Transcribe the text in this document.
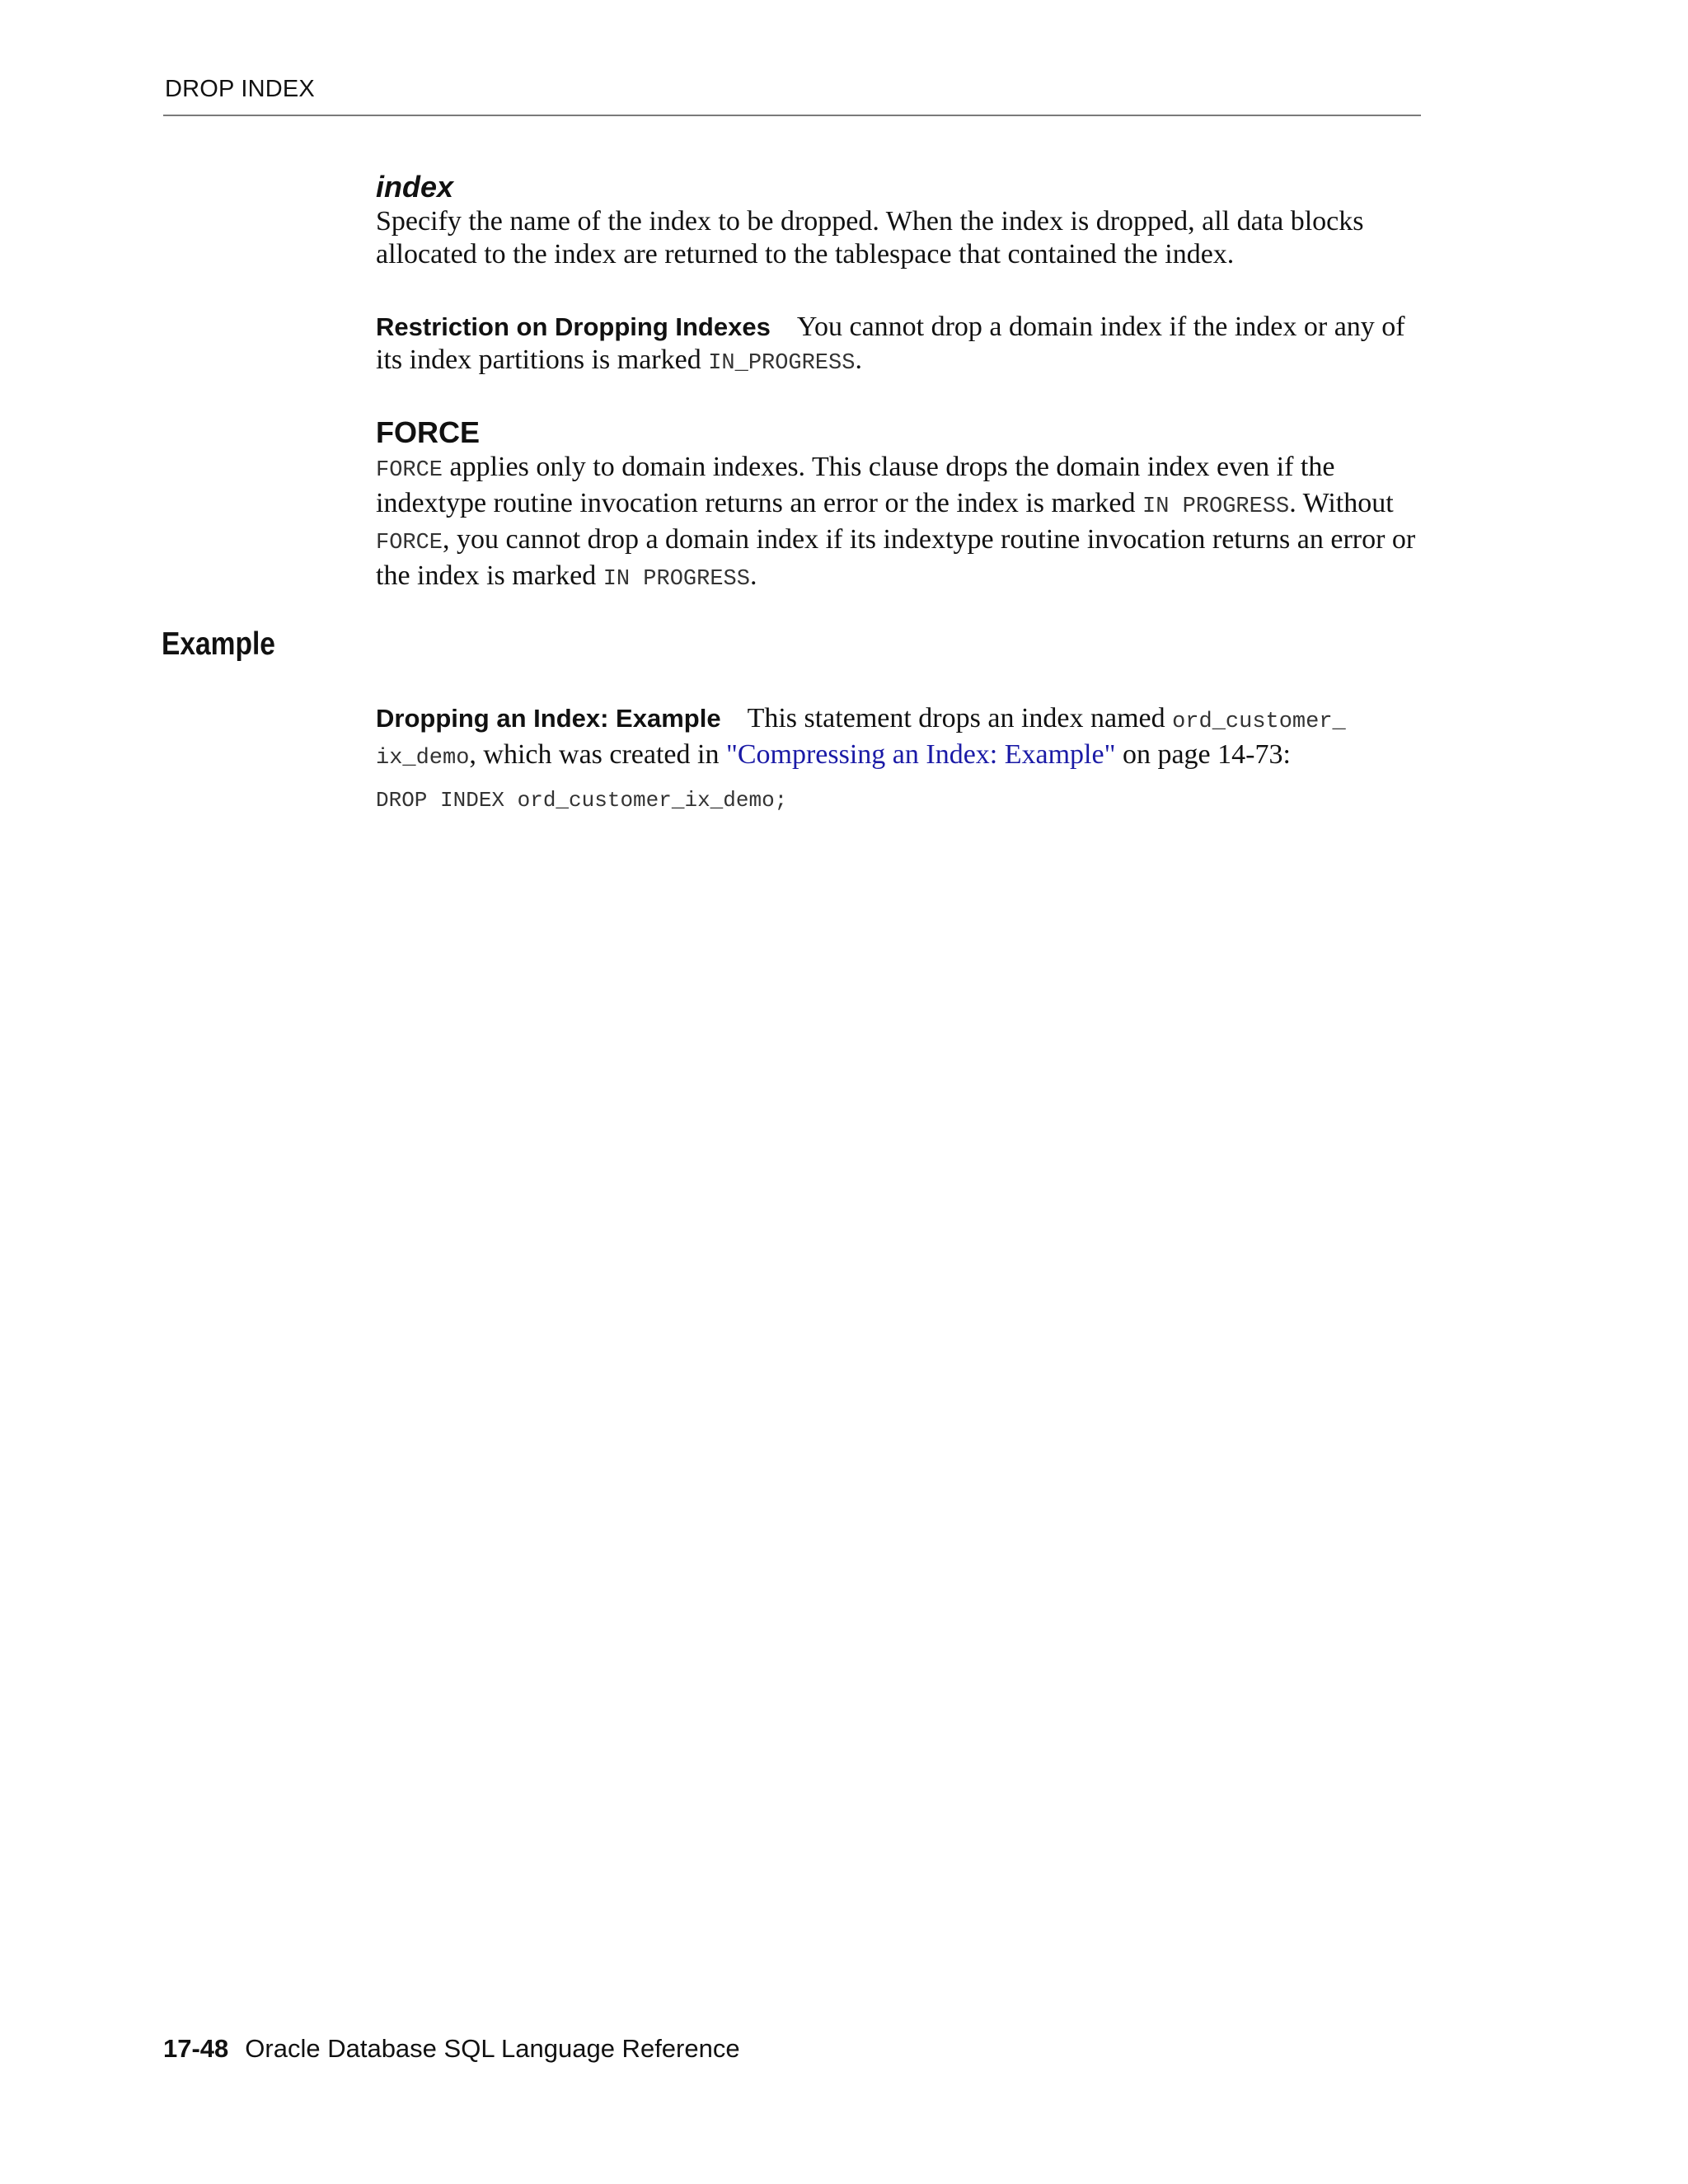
DROP INDEX
index

Specify the name of the index to be dropped. When the index is dropped, all data blocks allocated to the index are returned to the tablespace that contained the index.

Restriction on Dropping Indexes You cannot drop a domain index if the index or any of its index partitions is marked IN_PROGRESS.

FORCE

FORCE applies only to domain indexes. This clause drops the domain index even if the indextype routine invocation returns an error or the index is marked IN PROGRESS. Without FORCE, you cannot drop a domain index if its indextype routine invocation returns an error or the index is marked IN PROGRESS.

Example

Dropping an Index: Example This statement drops an index named ord_customer_
ix_demo, which was created in "Compressing an Index: Example" on page 14-73:

DROP INDEX ord_customer_ix_demo;
17-48 Oracle Database SQL Language Reference
